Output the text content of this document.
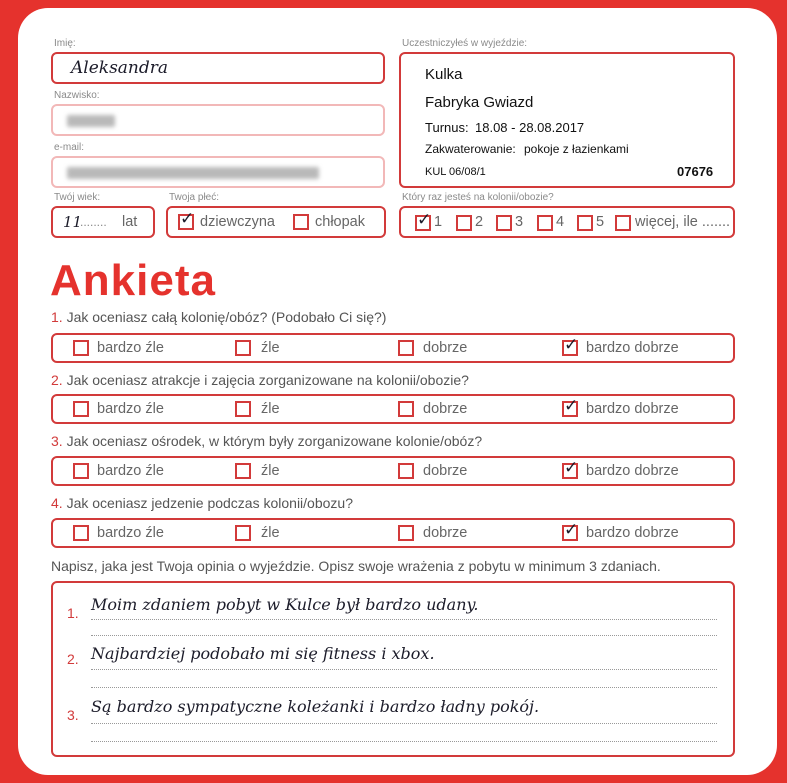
Imię:
Aleksandra
Nazwisko:
e-mail:
Twój wiek:
11
........ lat
Twoja płeć:
✓ dziewczyna	chłopak
Uczestniczyłeś w wyjeździe:
Kulka
Fabryka Gwiazd
Turnus: 18.08 - 28.08.2017
Zakwaterowanie: pokoje z łazienkami
KUL 06/08/1	07676
Który raz jesteś na kolonii/obozie?
✓ 1 2 3 4 5 więcej, ile .......
Ankieta
1. Jak oceniasz całą kolonię/obóz? (Podobało Ci się?)
bardzo źle	źle	dobrze	✓ bardzo dobrze
2. Jak oceniasz atrakcje i zajęcia zorganizowane na kolonii/obozie?
bardzo źle	źle	dobrze	✓ bardzo dobrze
3. Jak oceniasz ośrodek, w którym były zorganizowane kolonie/obóz?
bardzo źle	źle	dobrze	✓ bardzo dobrze
4. Jak oceniasz jedzenie podczas kolonii/obozu?
bardzo źle	źle	dobrze	✓ bardzo dobrze
Napisz, jaka jest Twoja opinia o wyjeździe. Opisz swoje wrażenia z pobytu w minimum 3 zdaniach.
1. Moim zdaniem pobyt w Kulce był bardzo udany.
2. Najbardziej podobało mi się fitness i xbox.
3. Są bardzo sympatyczne koleżanki i bardzo ładny pokój.
